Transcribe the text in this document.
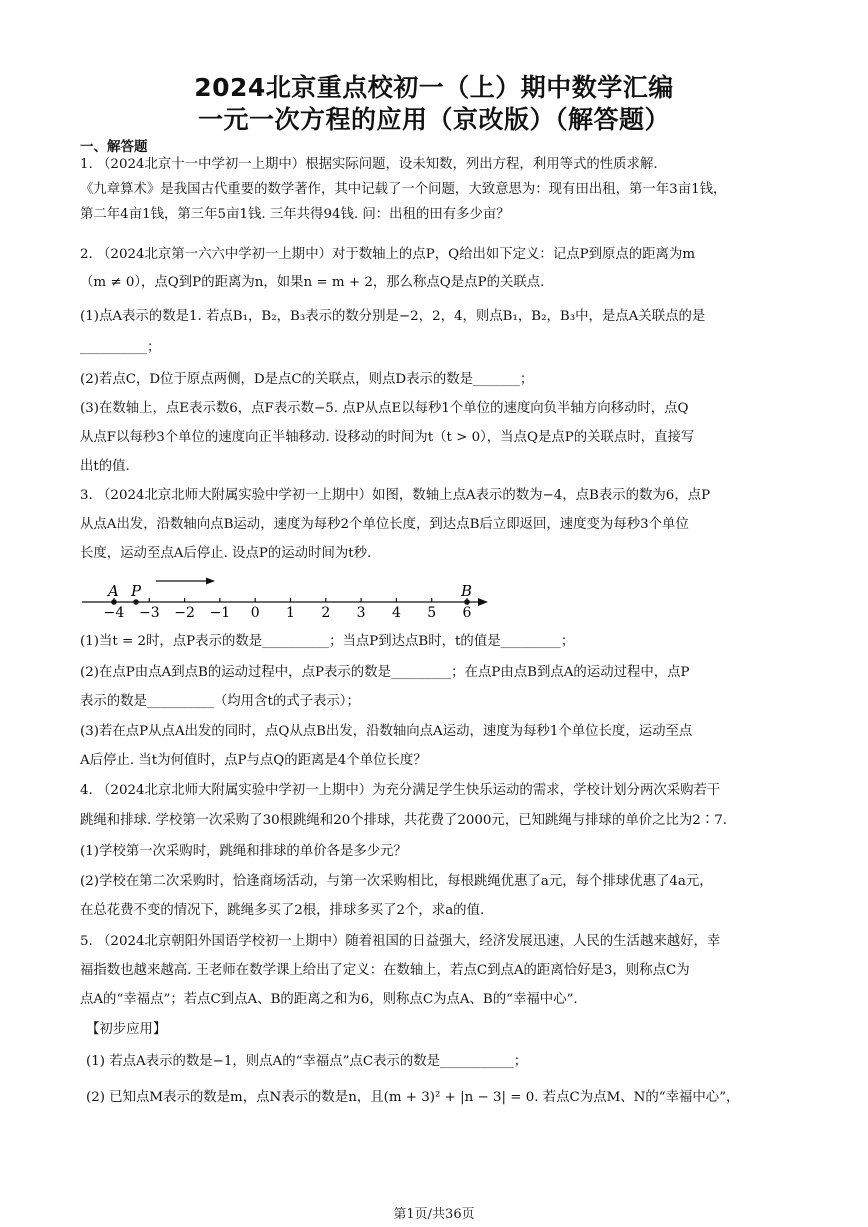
2024北京重点校初一（上）期中数学汇编
一元一次方程的应用（京改版）（解答题）
一、解答题
1. （2024北京十一中学初一上期中）根据实际问题，设未知数，列出方程，利用等式的性质求解.
《九章算术》是我国古代重要的数学著作，其中记载了一个问题，大致意思为：现有田出租，第一年3亩1钱，
第二年4亩1钱，第三年5亩1钱. 三年共得94钱. 问：出租的田有多少亩？
2. （2024北京第一六六中学初一上期中）对于数轴上的点P，Q给出如下定义：记点P到原点的距离为m
（m ≠ 0），点Q到P的距离为n，如果n = m + 2，那么称点Q是点P的关联点.
(1)点A表示的数是1. 若点B₁，B₂，B₃表示的数分别是−2，2，4，则点B₁，B₂，B₃中，是点A关联点的是
__________；
(2)若点C，D位于原点两侧，D是点C的关联点，则点D表示的数是_______；
(3)在数轴上，点E表示数6，点F表示数−5. 点P从点E以每秒1个单位的速度向负半轴方向移动时，点Q
从点F以每秒3个单位的速度向正半轴移动. 设移动的时间为t（t > 0），当点Q是点P的关联点时，直接写
出t的值.
3. （2024北京北师大附属实验中学初一上期中）如图，数轴上点A表示的数为−4，点B表示的数为6，点P
从点A出发，沿数轴向点B运动，速度为每秒2个单位长度，到达点B后立即返回，速度变为每秒3个单位
长度，运动至点A后停止. 设点P的运动时间为t秒.
−4 −3 −2 −1 0 1 2 3 4 5 6
A P	B
(1)当t = 2时，点P表示的数是__________；当点P到达点B时，t的值是_________；
(2)在点P由点A到点B的运动过程中，点P表示的数是_________；在点P由点B到点A的运动过程中，点P
表示的数是__________（均用含t的式子表示）；
(3)若在点P从点A出发的同时，点Q从点B出发，沿数轴向点A运动，速度为每秒1个单位长度，运动至点
A后停止. 当t为何值时，点P与点Q的距离是4个单位长度？
4. （2024北京北师大附属实验中学初一上期中）为充分满足学生快乐运动的需求，学校计划分两次采购若干
跳绳和排球. 学校第一次采购了30根跳绳和20个排球，共花费了2000元，已知跳绳与排球的单价之比为2∶7.
(1)学校第一次采购时，跳绳和排球的单价各是多少元？
(2)学校在第二次采购时，恰逢商场活动，与第一次采购相比，每根跳绳优惠了a元，每个排球优惠了4a元，
在总花费不变的情况下，跳绳多买了2根，排球多买了2个，求a的值.
5. （2024北京朝阳外国语学校初一上期中）随着祖国的日益强大，经济发展迅速，人民的生活越来越好，幸
福指数也越来越高. 王老师在数学课上给出了定义：在数轴上，若点C到点A的距离恰好是3，则称点C为
点A的“幸福点”；若点C到点A、B的距离之和为6，则称点C为点A、B的“幸福中心”.
【初步应用】
(1) 若点A表示的数是−1，则点A的“幸福点”点C表示的数是___________；
(2) 已知点M表示的数是m，点N表示的数是n，且(m + 3)² + |n − 3| = 0. 若点C为点M、N的“幸福中心”，
第1页/共36页
